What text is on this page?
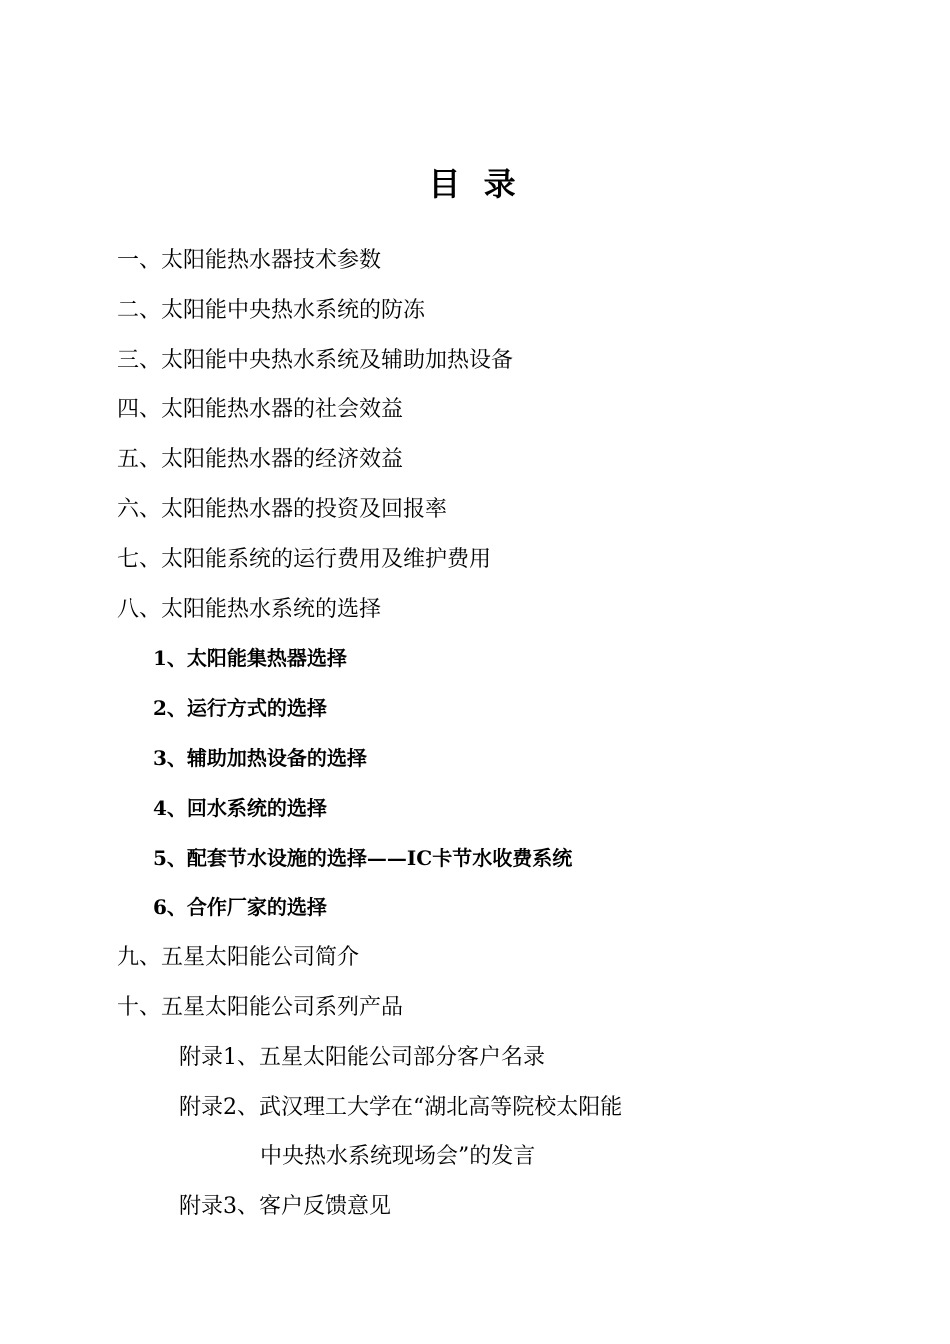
目 录
一、太阳能热水器技术参数
二、太阳能中央热水系统的防冻
三、太阳能中央热水系统及辅助加热设备
四、太阳能热水器的社会效益
五、太阳能热水器的经济效益
六、太阳能热水器的投资及回报率
七、太阳能系统的运行费用及维护费用
八、太阳能热水系统的选择
1、太阳能集热器选择
2、运行方式的选择
3、辅助加热设备的选择
4、回水系统的选择
5、配套节水设施的选择——IC卡节水收费系统
6、合作厂家的选择
九、五星太阳能公司简介
十、五星太阳能公司系列产品
附录1、五星太阳能公司部分客户名录
附录2、武汉理工大学在“湖北高等院校太阳能
中央热水系统现场会”的发言
附录3、客户反馈意见
